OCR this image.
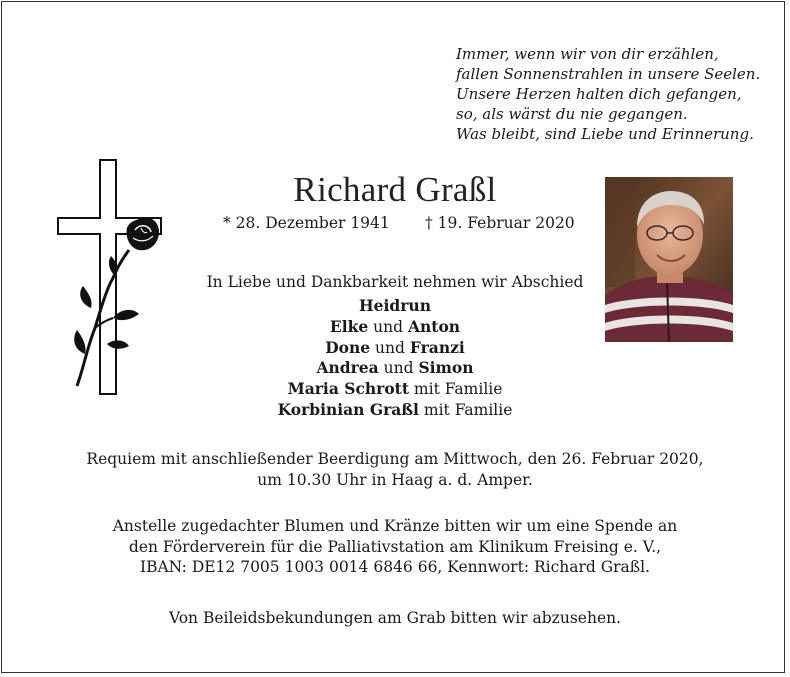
Immer, wenn wir von dir erzählen,
fallen Sonnenstrahlen in unsere Seelen.
Unsere Herzen halten dich gefangen,
so, als wärst du nie gegangen.
Was bleibt, sind Liebe und Erinnerung.
Richard Graßl
* 28. Dezember 1941 † 19. Februar 2020
In Liebe und Dankbarkeit nehmen wir Abschied
Heidrun
Elke und Anton
Done und Franzi
Andrea und Simon
Maria Schrott mit Familie
Korbinian Graßl mit Familie
Requiem mit anschließender Beerdigung am Mittwoch, den 26. Februar 2020,
um 10.30 Uhr in Haag a. d. Amper.
Anstelle zugedachter Blumen und Kränze bitten wir um eine Spende an
den Förderverein für die Palliativstation am Klinikum Freising e. V.,
IBAN: DE12 7005 1003 0014 6846 66, Kennwort: Richard Graßl.
Von Beileidsbekundungen am Grab bitten wir abzusehen.
